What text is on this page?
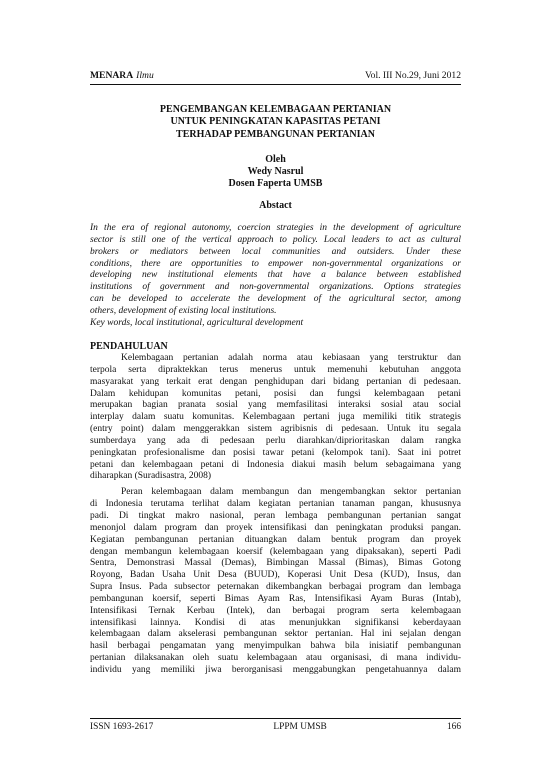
MENARA Ilmu	Vol. III No.29, Juni 2012
PENGEMBANGAN KELEMBAGAAN PERTANIAN
UNTUK PENINGKATAN KAPASITAS PETANI
TERHADAP PEMBANGUNAN PERTANIAN
Oleh
Wedy Nasrul
Dosen Faperta UMSB
Abstact
In the era of regional autonomy, coercion strategies in the development of agriculture
sector is still one of the vertical approach to policy. Local leaders to act as cultural
brokers or mediators between local communities and outsiders. Under these
conditions, there are opportunities to empower non-governmental organizations or
developing new institutional elements that have a balance between established
institutions of government and non-governmental organizations. Options strategies
can be developed to accelerate the development of the agricultural sector, among
others, development of existing local institutions.
Key words, local institutional, agricultural development
PENDAHULUAN
Kelembagaan pertanian adalah norma atau kebiasaan yang terstruktur dan
terpola serta dipraktekkan terus menerus untuk memenuhi kebutuhan anggota
masyarakat yang terkait erat dengan penghidupan dari bidang pertanian di pedesaan.
Dalam kehidupan komunitas petani, posisi dan fungsi kelembagaan petani
merupakan bagian pranata sosial yang memfasilitasi interaksi sosial atau social
interplay dalam suatu komunitas. Kelembagaan pertani juga memiliki titik strategis
(entry point) dalam menggerakkan sistem agribisnis di pedesaan. Untuk itu segala
sumberdaya yang ada di pedesaan perlu diarahkan/diprioritaskan dalam rangka
peningkatan profesionalisme dan posisi tawar petani (kelompok tani). Saat ini potret
petani dan kelembagaan petani di Indonesia diakui masih belum sebagaimana yang
diharapkan (Suradisastra, 2008)
Peran kelembagaan dalam membangun dan mengembangkan sektor pertanian
di Indonesia terutama terlihat dalam kegiatan pertanian tanaman pangan, khususnya
padi. Di tingkat makro nasional, peran lembaga pembangunan pertanian sangat
menonjol dalam program dan proyek intensifikasi dan peningkatan produksi pangan.
Kegiatan pembangunan pertanian dituangkan dalam bentuk program dan proyek
dengan membangun kelembagaan koersif (kelembagaan yang dipaksakan), seperti Padi
Sentra, Demonstrasi Massal (Demas), Bimbingan Massal (Bimas), Bimas Gotong
Royong, Badan Usaha Unit Desa (BUUD), Koperasi Unit Desa (KUD), Insus, dan
Supra Insus. Pada subsector peternakan dikembangkan berbagai program dan lembaga
pembangunan koersif, seperti Bimas Ayam Ras, Intensifikasi Ayam Buras (Intab),
Intensifikasi Ternak Kerbau (Intek), dan berbagai program serta kelembagaan
intensifikasi lainnya. Kondisi di atas menunjukkan signifikansi keberdayaan
kelembagaan dalam akselerasi pembangunan sektor pertanian. Hal ini sejalan dengan
hasil berbagai pengamatan yang menyimpulkan bahwa bila inisiatif pembangunan
pertanian dilaksanakan oleh suatu kelembagaan atau organisasi, di mana individu-
individu yang memiliki jiwa berorganisasi menggabungkan pengetahuannya dalam
ISSN 1693-2617	LPPM UMSB	166
